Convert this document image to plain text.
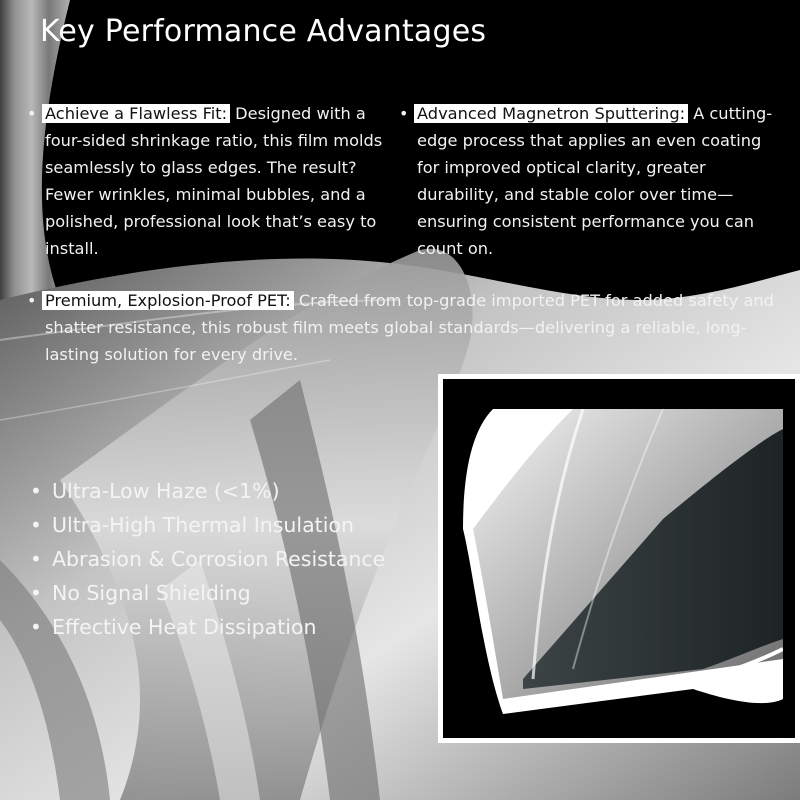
Key Performance Advantages
• Achieve a Flawless Fit: Designed with a four-sided shrinkage ratio, this film molds seamlessly to glass edges. The result? Fewer wrinkles, minimal bubbles, and a polished, professional look that’s easy to install.
• Advanced Magnetron Sputtering: A cutting-edge process that applies an even coating for improved optical clarity, greater durability, and stable color over time—ensuring consistent performance you can count on.
• Premium, Explosion-Proof PET: Crafted from top-grade imported PET for added safety and shatter resistance, this robust film meets global standards—delivering a reliable, long-lasting solution for every drive.
• Ultra-Low Haze (<1%)
• Ultra-High Thermal Insulation
• Abrasion & Corrosion Resistance
• No Signal Shielding
• Effective Heat Dissipation
